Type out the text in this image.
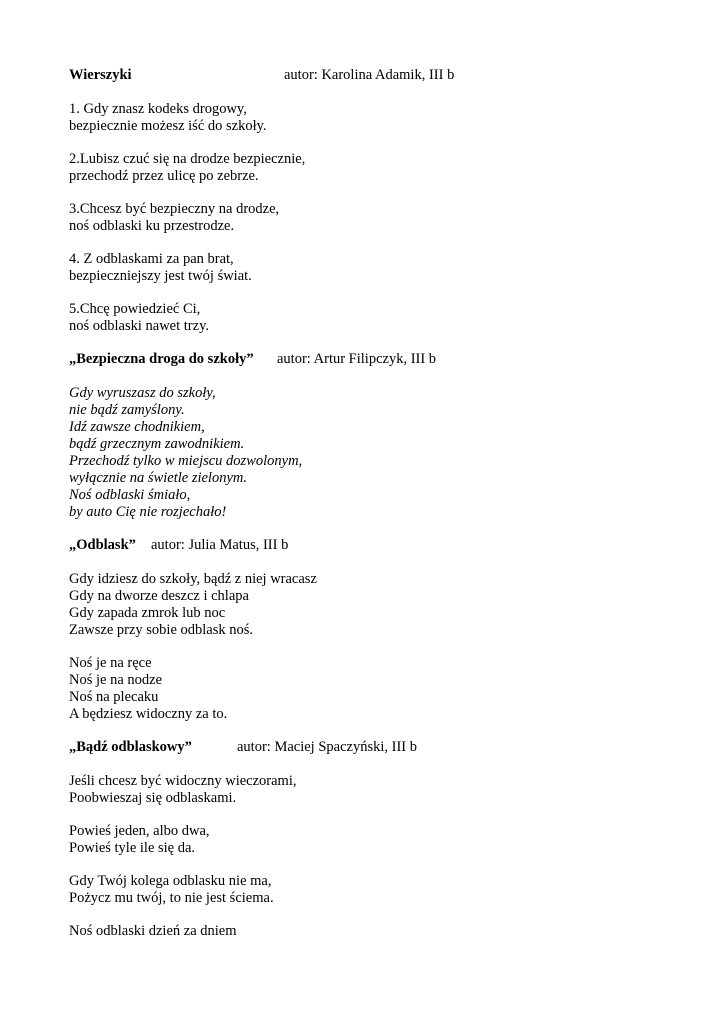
Wierszyki	autor: Karolina Adamik, III b
1. Gdy znasz kodeks drogowy,
bezpiecznie możesz iść do szkoły.
2.Lubisz czuć się na drodze bezpiecznie,
przechodź przez ulicę po zebrze.
3.Chcesz być bezpieczny na drodze,
noś odblaski ku przestrodze.
4. Z odblaskami za pan brat,
bezpieczniejszy jest twój świat.
5.Chcę powiedzieć Ci,
noś odblaski nawet trzy.
„Bezpieczna droga do szkoły” autor: Artur Filipczyk, III b
Gdy wyruszasz do szkoły,
nie bądź zamyślony.
Idź zawsze chodnikiem,
bądź grzecznym zawodnikiem.
Przechodź tylko w miejscu dozwolonym,
wyłącznie na świetle zielonym.
Noś odblaski śmiało,
by auto Cię nie rozjechało!
„Odblask” autor: Julia Matus, III b
Gdy idziesz do szkoły, bądź z niej wracasz
Gdy na dworze deszcz i chlapa
Gdy zapada zmrok lub noc
Zawsze przy sobie odblask noś.
Noś je na ręce
Noś je na nodze
Noś na plecaku
A będziesz widoczny za to.
„Bądź odblaskowy”	autor: Maciej Spaczyński, III b
Jeśli chcesz być widoczny wieczorami,
Poobwieszaj się odblaskami.
Powieś jeden, albo dwa,
Powieś tyle ile się da.
Gdy Twój kolega odblasku nie ma,
Pożycz mu twój, to nie jest ściema.
Noś odblaski dzień za dniem
